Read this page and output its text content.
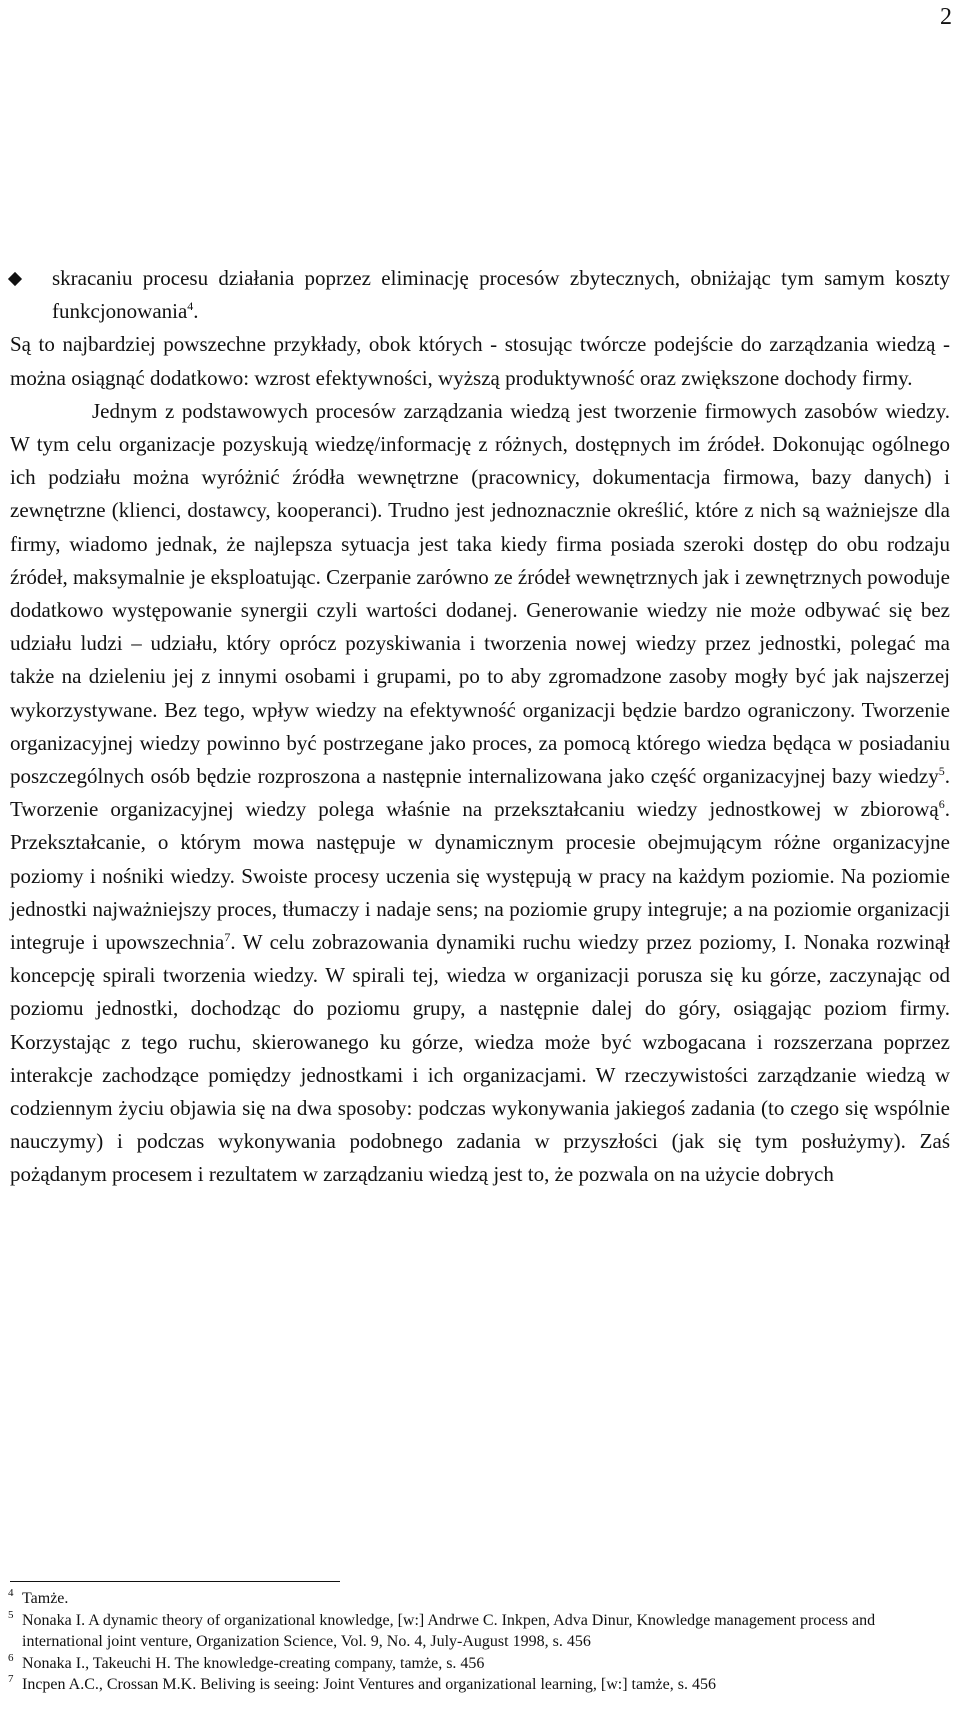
2
skracaniu procesu działania poprzez eliminację procesów zbytecznych, obniżając tym samym koszty funkcjonowania$^4$.

Są to najbardziej powszechne przykłady, obok których - stosując twórcze podejście do zarządzania wiedzą - można osiągnąć dodatkowo: wzrost efektywności, wyższą produktywność oraz zwiększone dochody firmy.

Jednym z podstawowych procesów zarządzania wiedzą jest tworzenie firmowych zasobów wiedzy. W tym celu organizacje pozyskują wiedzę/informację z różnych, dostępnych im źródeł. Dokonując ogólnego ich podziału można wyróżnić źródła wewnętrzne (pracownicy, dokumentacja firmowa, bazy danych) i zewnętrzne (klienci, dostawcy, kooperanci). Trudno jest jednoznacznie określić, które z nich są ważniejsze dla firmy, wiadomo jednak, że najlepsza sytuacja jest taka kiedy firma posiada szeroki dostęp do obu rodzaju źródeł, maksymalnie je eksploatując. Czerpanie zarówno ze źródeł wewnętrznych jak i zewnętrznych powoduje dodatkowo występowanie synergii czyli wartości dodanej. Generowanie wiedzy nie może odbywać się bez udziału ludzi – udziału, który oprócz pozyskiwania i tworzenia nowej wiedzy przez jednostki, polegać ma także na dzieleniu jej z innymi osobami i grupami, po to aby zgromadzone zasoby mogły być jak najszerzej wykorzystywane. Bez tego, wpływ wiedzy na efektywność organizacji będzie bardzo ograniczony. Tworzenie organizacyjnej wiedzy powinno być postrzegane jako proces, za pomocą którego wiedza będąca w posiadaniu poszczególnych osób będzie rozproszona a następnie internalizowana jako część organizacyjnej bazy wiedzy$^5$. Tworzenie organizacyjnej wiedzy polega właśnie na przekształcaniu wiedzy jednostkowej w zbiorową$^6$. Przekształcanie, o którym mowa następuje w dynamicznym procesie obejmującym różne organizacyjne poziomy i nośniki wiedzy. Swoiste procesy uczenia się występują w pracy na każdym poziomie. Na poziomie jednostki najważniejszy proces, tłumaczy i nadaje sens; na poziomie grupy integruje; a na poziomie organizacji integruje i upowszechnia$^7$. W celu zobrazowania dynamiki ruchu wiedzy przez poziomy, I. Nonaka rozwinął koncepcję spirali tworzenia wiedzy. W spirali tej, wiedza w organizacji porusza się ku górze, zaczynając od poziomu jednostki, dochodząc do poziomu grupy, a następnie dalej do góry, osiągając poziom firmy. Korzystając z tego ruchu, skierowanego ku górze, wiedza może być wzbogacana i rozszerzana poprzez interakcje zachodzące pomiędzy jednostkami i ich organizacjami. W rzeczywistości zarządzanie wiedzą w codziennym życiu objawia się na dwa sposoby: podczas wykonywania jakiegoś zadania (to czego się wspólnie nauczymy) i podczas wykonywania podobnego zadania w przyszłości (jak się tym posłużymy). Zaś pożądanym procesem i rezultatem w zarządzaniu wiedzą jest to, że pozwala on na użycie dobrych

4 Tamże.
5 Nonaka I. A dynamic theory of organizational knowledge, [w:] Andrwe C. Inkpen, Adva Dinur, Knowledge management process and international joint venture, Organization Science, Vol. 9, No. 4, July-August 1998, s. 456
6 Nonaka I., Takeuchi H. The knowledge-creating company, tamże, s. 456
7 Incpen A.C., Crossan M.K. Beliving is seeing: Joint Ventures and organizational learning, [w:] tamże, s. 456
